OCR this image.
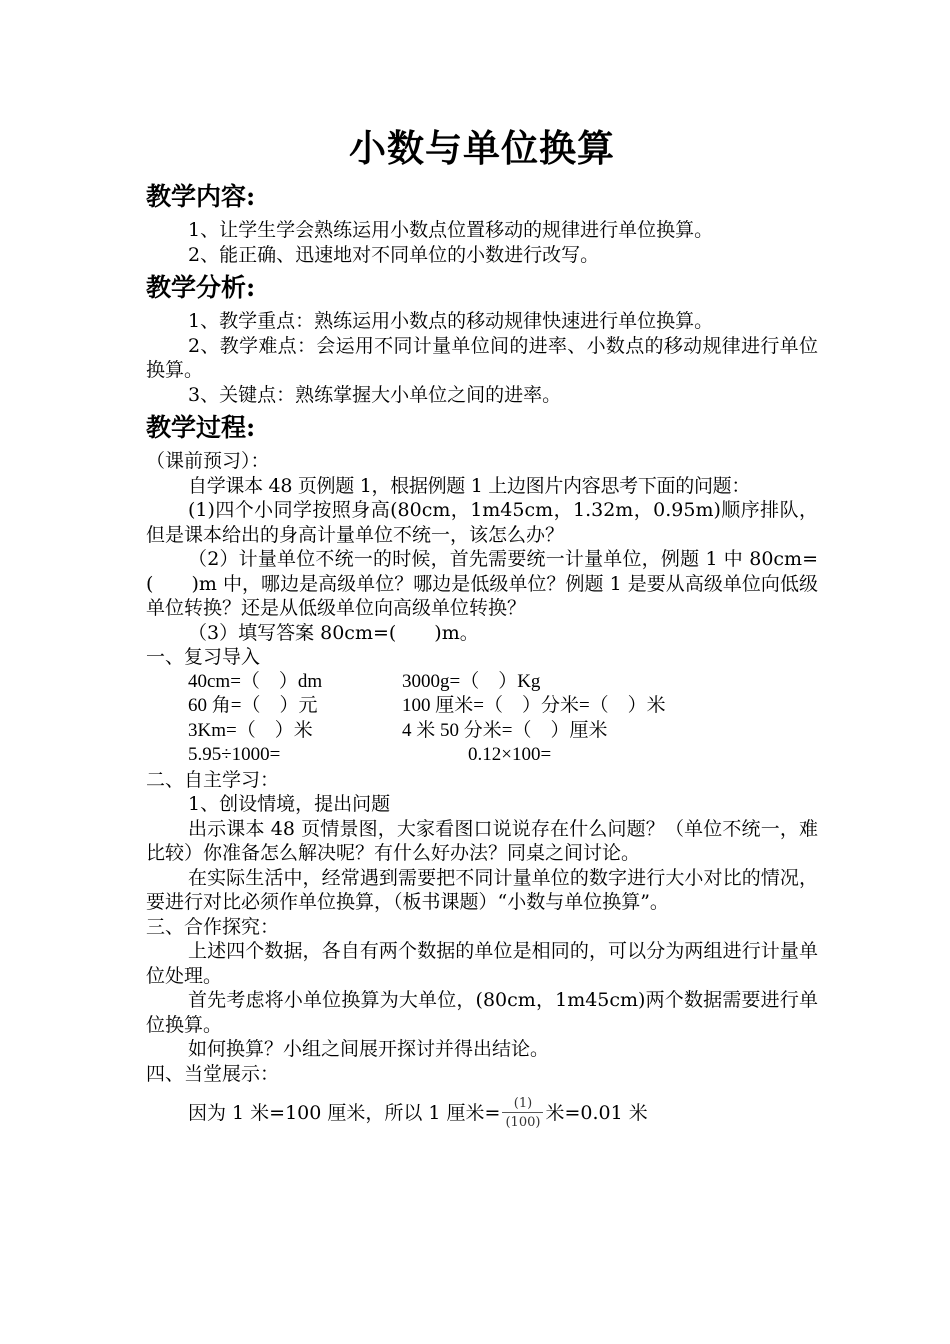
小数与单位换算
教学内容:

1、让学生学会熟练运用小数点位置移动的规律进行单位换算。

2、能正确、迅速地对不同单位的小数进行改写。

教学分析:

1、教学重点：熟练运用小数点的移动规律快速进行单位换算。

2、教学难点：会运用不同计量单位间的进率、小数点的移动规律进行单位换算。

3、关键点：熟练掌握大小单位之间的进率。

教学过程:

（课前预习）：

自学课本 48 页例题 1，根据例题 1 上边图片内容思考下面的问题：

(1)四个小同学按照身高(80cm，1m45cm，1.32m，0.95m)顺序排队，但是课本给出的身高计量单位不统一，该怎么办？

（2）计量单位不统一的时候，首先需要统一计量单位，例题 1 中 80cm=(　　)m 中，哪边是高级单位？哪边是低级单位？例题 1 是要从高级单位向低级单位转换？还是从低级单位向高级单位转换？

（3）填写答案 80cm=(　　)m。

一、复习导入

40cm=（　）dm	3000g=（　）Kg
60 角=（　）元	100 厘米=（　）分米=（　）米
3Km=（　）米	4 米 50 分米=（　）厘米
5.95÷1000=	0.12×100=

二、自主学习：

1、创设情境，提出问题

出示课本 48 页情景图，大家看图口说说存在什么问题？（单位不统一，难比较）你准备怎么解决呢？有什么好办法？同桌之间讨论。

在实际生活中，经常遇到需要把不同计量单位的数字进行大小对比的情况，要进行对比必须作单位换算，（板书课题）“小数与单位换算”。

三、合作探究：

上述四个数据，各自有两个数据的单位是相同的，可以分为两组进行计量单位处理。

首先考虑将小单位换算为大单位，(80cm，1m45cm)两个数据需要进行单位换算。

如何换算？小组之间展开探讨并得出结论。

四、当堂展示：

因为 1 米=100 厘米，所以 1 厘米= $\frac{(1)}{(100)}$ 米=0.01 米
